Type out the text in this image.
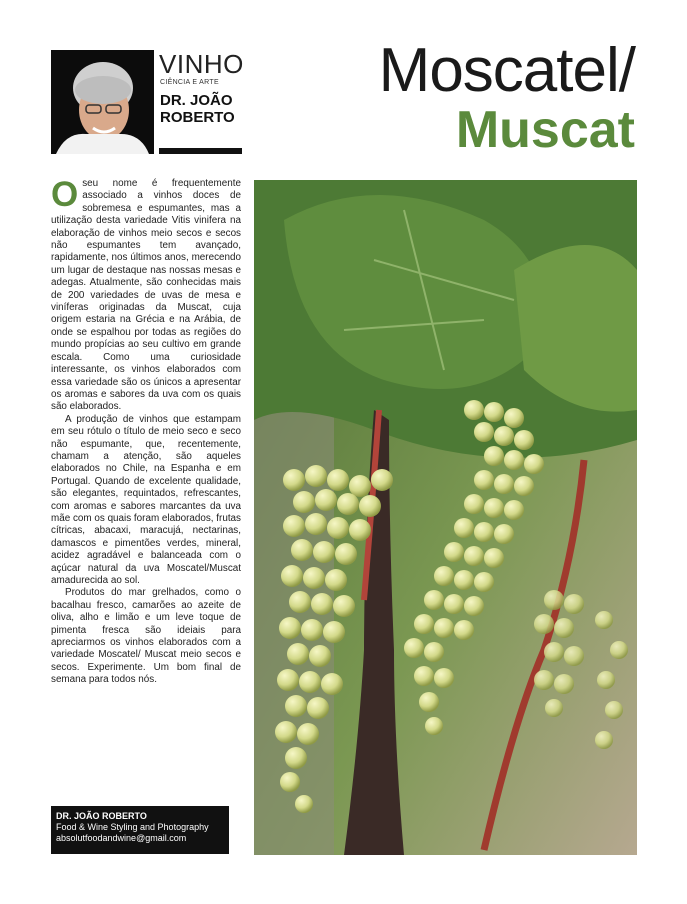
VINHO
CIÊNCIA E ARTE
DR. JOÃO
ROBERTO
Moscatel/
Muscat

Oseu nome é frequentemente associado a vinhos doces de sobremesa e espumantes, mas a utilização desta variedade Vitis vinifera na elaboração de vinhos meio secos e secos não espumantes tem avançado, rapidamente, nos últimos anos, merecendo um lugar de destaque nas nossas mesas e adegas. Atualmente, são conhecidas mais de 200 variedades de uvas de mesa e viníferas originadas da Muscat, cuja origem estaria na Grécia e na Arábia, de onde se espalhou por todas as regiões do mundo propícias ao seu cultivo em grande escala. Como uma curiosidade interessante, os vinhos elaborados com essa variedade são os únicos a apresentar os aromas e sabores da uva com os quais são elaborados.

A produção de vinhos que estampam em seu rótulo o título de meio seco e seco não espumante, que, recentemente, chamam a atenção, são aqueles elaborados no Chile, na Espanha e em Portugal. Quando de excelente qualidade, são elegantes, requintados, refrescantes, com aromas e sabores marcantes da uva mãe com os quais foram elaborados, frutas cítricas, abacaxi, maracujá, nectarinas, damascos e pimentões verdes, mineral, acidez agradável e balanceada com o açúcar natural da uva Moscatel/Muscat amadurecida ao sol.

Produtos do mar grelhados, como o bacalhau fresco, camarões ao azeite de oliva, alho e limão e um leve toque de pimenta fresca são ideiais para apreciarmos os vinhos elaborados com a variedade Moscatel/ Muscat meio secos e secos. Experimente. Um bom final de semana para todos nós.

DR. JOÃO ROBERTO
Food & Wine Styling and Photography
absolutfoodandwine@gmail.com
